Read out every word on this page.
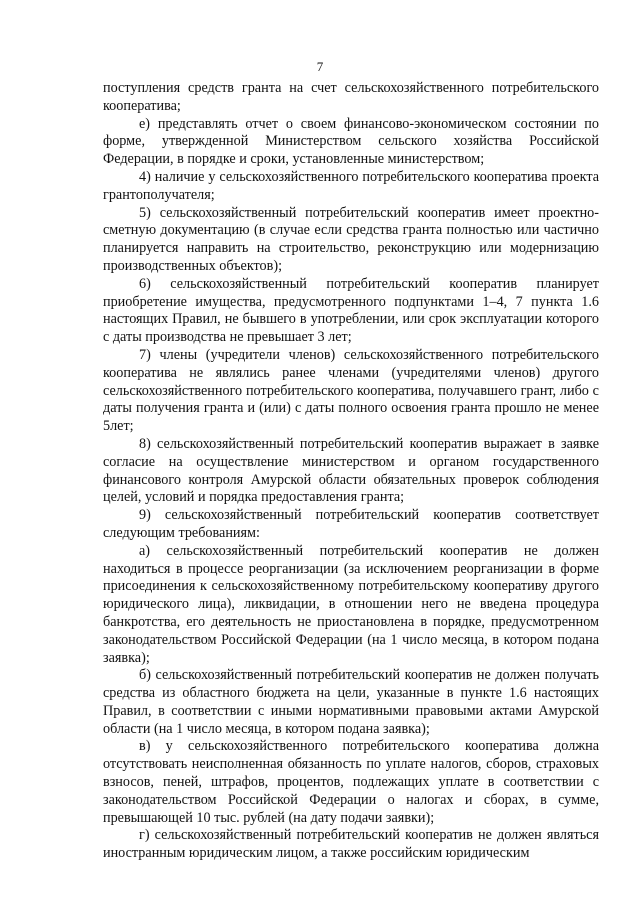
7

поступления средств гранта на счет сельскохозяйственного потребительского кооператива;

е) представлять отчет о своем финансово-экономическом состоянии по форме, утвержденной Министерством сельского хозяйства Российской Федерации, в порядке и сроки, установленные министерством;

4) наличие у сельскохозяйственного потребительского кооператива проекта грантополучателя;

5) сельскохозяйственный потребительский кооператив имеет проектно-сметную документацию (в случае если средства гранта полностью или частично планируется направить на строительство, реконструкцию или модернизацию производственных объектов);

6) сельскохозяйственный потребительский кооператив планирует приобретение имущества, предусмотренного подпунктами 1–4, 7 пункта 1.6 настоящих Правил, не бывшего в употреблении, или срок эксплуатации которого с даты производства не превышает 3 лет;

7) члены (учредители членов) сельскохозяйственного потребительского кооператива не являлись ранее членами (учредителями членов) другого сельскохозяйственного потребительского кооператива, получавшего грант, либо с даты получения гранта и (или) с даты полного освоения гранта прошло не менее 5лет;

8) сельскохозяйственный потребительский кооператив выражает в заявке согласие на осуществление министерством и органом государственного финансового контроля Амурской области обязательных проверок соблюдения целей, условий и порядка предоставления гранта;

9) сельскохозяйственный потребительский кооператив соответствует следующим требованиям:

а) сельскохозяйственный потребительский кооператив не должен находиться в процессе реорганизации (за исключением реорганизации в форме присоединения к сельскохозяйственному потребительскому кооперативу другого юридического лица), ликвидации, в отношении него не введена процедура банкротства, его деятельность не приостановлена в порядке, предусмотренном законодательством Российской Федерации (на 1 число месяца, в котором подана заявка);

б) сельскохозяйственный потребительский кооператив не должен получать средства из областного бюджета на цели, указанные в пункте 1.6 настоящих Правил, в соответствии с иными нормативными правовыми актами Амурской области (на 1 число месяца, в котором подана заявка);

в) у сельскохозяйственного потребительского кооператива должна отсутствовать неисполненная обязанность по уплате налогов, сборов, страховых взносов, пеней, штрафов, процентов, подлежащих уплате в соответствии с законодательством Российской Федерации о налогах и сборах, в сумме, превышающей 10 тыс. рублей (на дату подачи заявки);

г) сельскохозяйственный потребительский кооператив не должен являться иностранным юридическим лицом, а также российским юридическим
